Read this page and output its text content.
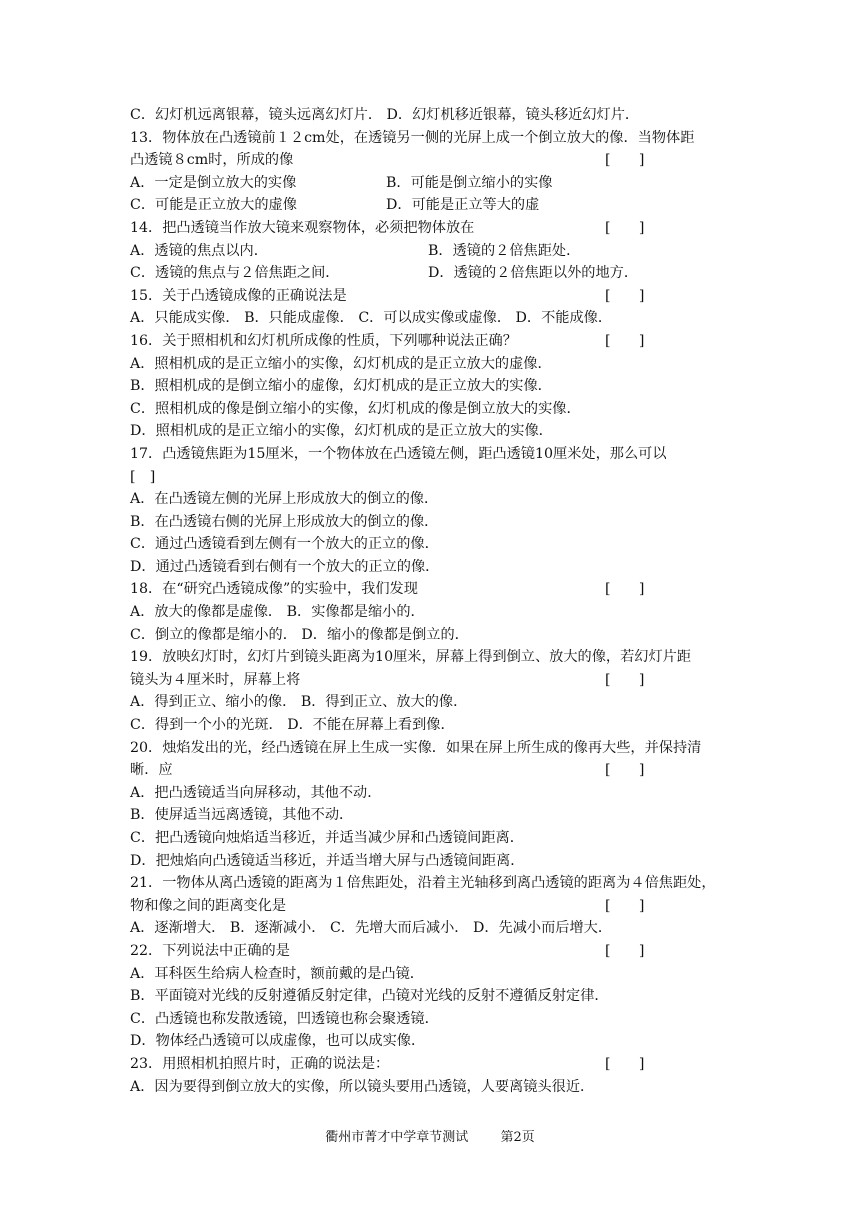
C．幻灯机远离银幕，镜头远离幻灯片． D．幻灯机移近银幕，镜头移近幻灯片．
13．物体放在凸透镜前１２cm处，在透镜另一侧的光屏上成一个倒立放大的像．当物体距
凸透镜８cm时，所成的像	[　　]
A．一定是倒立放大的实像	B．可能是倒立缩小的实像
C．可能是正立放大的虚像	D．可能是正立等大的虚
14．把凸透镜当作放大镜来观察物体，必须把物体放在	[　　]
A．透镜的焦点以内．	B．透镜的２倍焦距处．
C．透镜的焦点与２倍焦距之间．	D．透镜的２倍焦距以外的地方．
15．关于凸透镜成像的正确说法是	[　　]
A．只能成实像． B．只能成虚像． C．可以成实像或虚像． D．不能成像．
16．关于照相机和幻灯机所成像的性质，下列哪种说法正确？	[　　]
A．照相机成的是正立缩小的实像，幻灯机成的是正立放大的虚像．
B．照相机成的是倒立缩小的虚像，幻灯机成的是正立放大的实像．
C．照相机成的像是倒立缩小的实像，幻灯机成的像是倒立放大的实像．
D．照相机成的是正立缩小的实像，幻灯机成的是正立放大的实像．
17．凸透镜焦距为15厘米，一个物体放在凸透镜左侧，距凸透镜10厘米处，那么可以
[　]
A．在凸透镜左侧的光屏上形成放大的倒立的像．
B．在凸透镜右侧的光屏上形成放大的倒立的像．
C．通过凸透镜看到左侧有一个放大的正立的像．
D．通过凸透镜看到右侧有一个放大的正立的像．
18．在“研究凸透镜成像”的实验中，我们发现	[　　]
A．放大的像都是虚像． B．实像都是缩小的．
C．倒立的像都是缩小的． D．缩小的像都是倒立的．
19．放映幻灯时，幻灯片到镜头距离为10厘米，屏幕上得到倒立、放大的像，若幻灯片距
镜头为４厘米时，屏幕上将	[　　]
A．得到正立、缩小的像． B．得到正立、放大的像．
C．得到一个小的光斑． D．不能在屏幕上看到像．
20．烛焰发出的光，经凸透镜在屏上生成一实像．如果在屏上所生成的像再大些，并保持清
晰．应	[　　]
A．把凸透镜适当向屏移动，其他不动．
B．使屏适当远离透镜，其他不动．
C．把凸透镜向烛焰适当移近，并适当减少屏和凸透镜间距离．
D．把烛焰向凸透镜适当移近，并适当增大屏与凸透镜间距离．
21．一物体从离凸透镜的距离为１倍焦距处，沿着主光轴移到离凸透镜的距离为４倍焦距处，
物和像之间的距离变化是	[　　]
A．逐渐增大． B．逐渐减小． C．先增大而后减小． D．先减小而后增大．
22．下列说法中正确的是	[　　]
A．耳科医生给病人检查时，额前戴的是凸镜．
B．平面镜对光线的反射遵循反射定律，凸镜对光线的反射不遵循反射定律．
C．凸透镜也称发散透镜，凹透镜也称会聚透镜．
D．物体经凸透镜可以成虚像，也可以成实像．
23．用照相机拍照片时，正确的说法是：	[　　]
A．因为要得到倒立放大的实像，所以镜头要用凸透镜，人要离镜头很近．
衢州市菁才中学章节测试 第2页
